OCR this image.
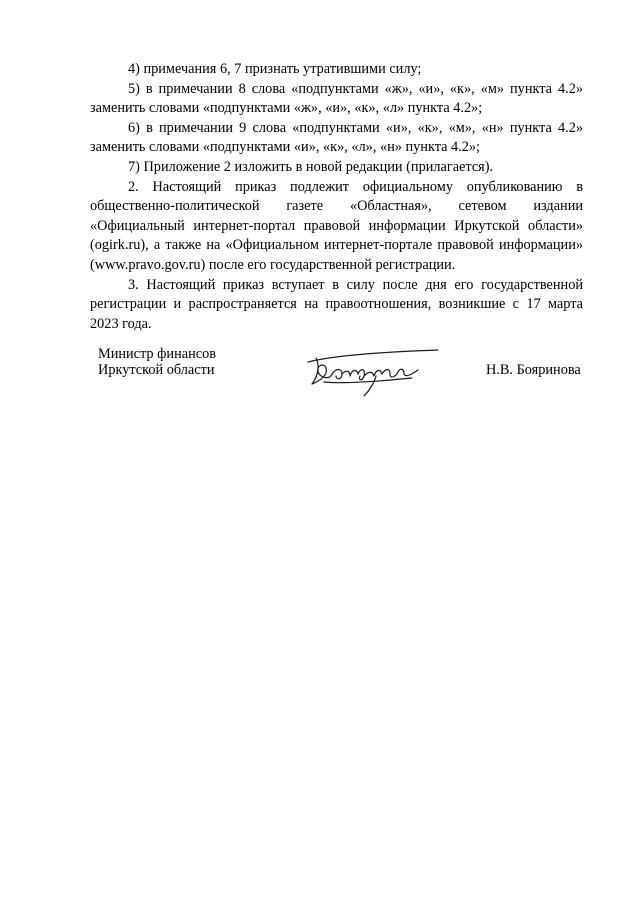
4) примечания 6, 7 признать утратившими силу;

5) в примечании 8 слова «подпунктами «ж», «и», «к», «м» пункта 4.2» заменить словами «подпунктами «ж», «и», «к», «л» пункта 4.2»;

6) в примечании 9 слова «подпунктами «и», «к», «м», «н» пункта 4.2» заменить словами «подпунктами «и», «к», «л», «н» пункта 4.2»;

7) Приложение 2 изложить в новой редакции (прилагается).

2. Настоящий приказ подлежит официальному опубликованию в общественно-политической газете «Областная», сетевом издании «Официальный интернет-портал правовой информации Иркутской области» (ogirk.ru), а также на «Официальном интернет-портале правовой информации» (www.pravo.gov.ru) после его государственной регистрации.

3. Настоящий приказ вступает в силу после дня его государственной регистрации и распространяется на правоотношения, возникшие с 17 марта 2023 года.

Министр финансов
Иркутской области	Н.В. Бояринова
